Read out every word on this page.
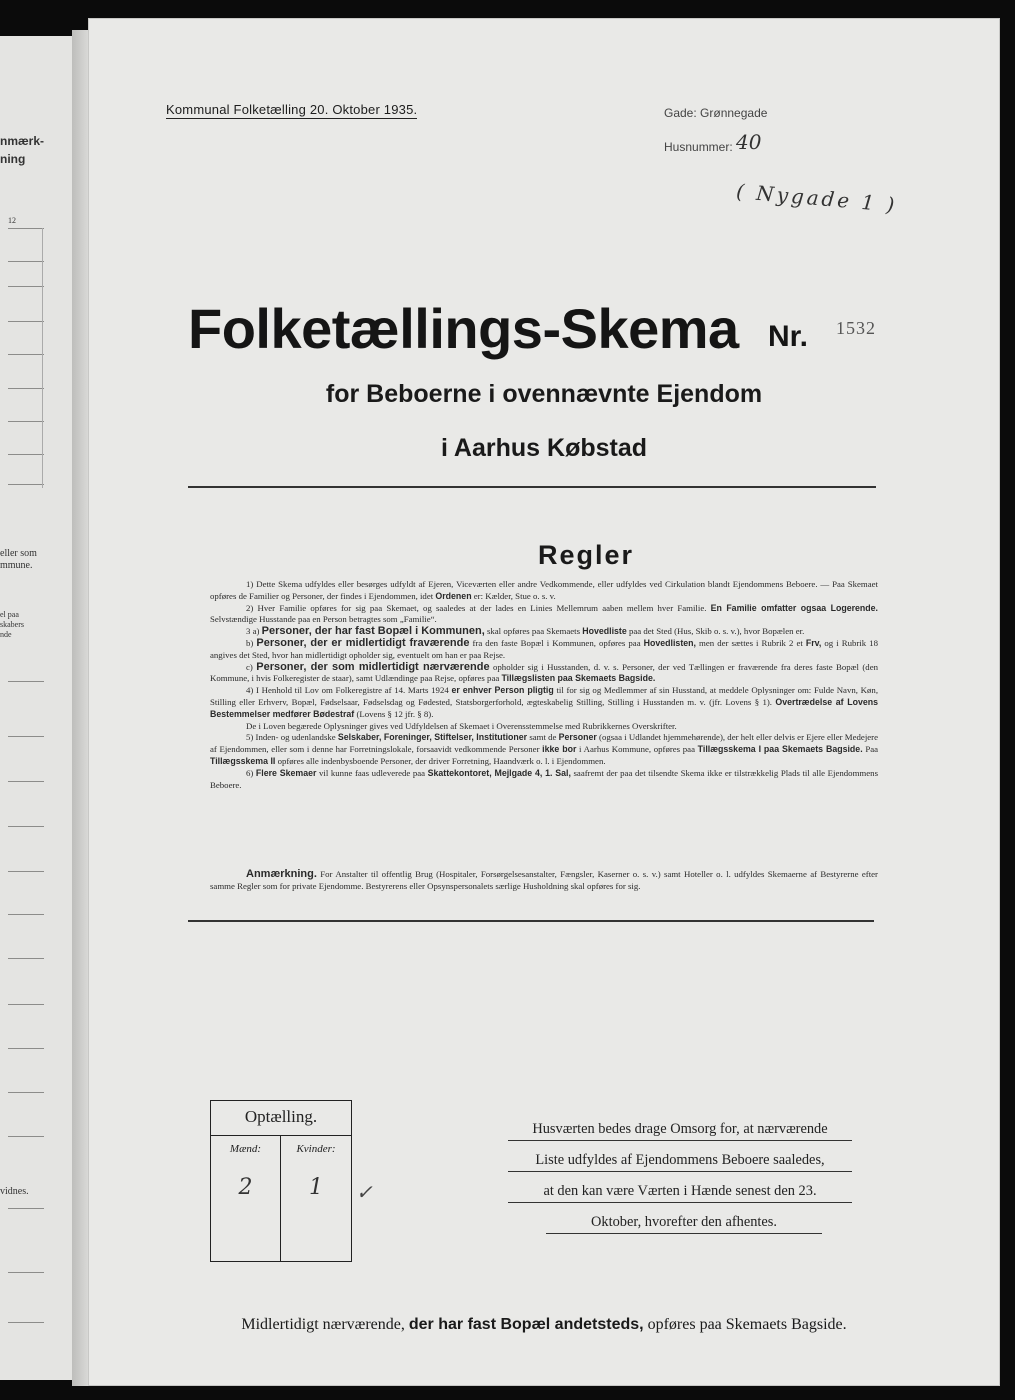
nmærk-
ning
12
eller som
mmune.
el paa
skabers
nde
vidnes.
Kommunal Folketælling 20. Oktober 1935.	Gade: Grønnegade
Husnummer: 40
( Nygade 1 )
Folketællings-Skema Nr. 1532
for Beboerne i ovennævnte Ejendom
i Aarhus Købstad
Regler

1) Dette Skema udfyldes eller besørges udfyldt af Ejeren, Viceværten eller andre Vedkommende, eller udfyldes ved Cirkulation blandt Ejendommens Beboere. — Paa Skemaet opføres de Familier og Personer, der findes i Ejendommen, idet Ordenen er: Kælder, Stue o. s. v.

2) Hver Familie opføres for sig paa Skemaet, og saaledes at der lades en Linies Mellemrum aaben mellem hver Familie. En Familie omfatter ogsaa Logerende. Selvstændige Husstande paa en Person betragtes som „Familie“.

3 a) Personer, der har fast Bopæl i Kommunen, skal opføres paa Skemaets Hovedliste paa det Sted (Hus, Skib o. s. v.), hvor Bopælen er.

b) Personer, der er midlertidigt fraværende fra den faste Bopæl i Kommunen, opføres paa Hovedlisten, men der sættes i Rubrik 2 et Frv, og i Rubrik 18 angives det Sted, hvor han midlertidigt opholder sig, eventuelt om han er paa Rejse.

c) Personer, der som midlertidigt nærværende opholder sig i Husstanden, d. v. s. Personer, der ved Tællingen er fraværende fra deres faste Bopæl (den Kommune, i hvis Folkeregister de staar), samt Udlændinge paa Rejse, opføres paa Tillægslisten paa Skemaets Bagside.

4) I Henhold til Lov om Folkeregistre af 14. Marts 1924 er enhver Person pligtig til for sig og Medlemmer af sin Husstand, at meddele Oplysninger om: Fulde Navn, Køn, Stilling eller Erhverv, Bopæl, Fødselsaar, Fødselsdag og Fødested, Statsborgerforhold, ægteskabelig Stilling, Stilling i Husstanden m. v. (jfr. Lovens § 1). Overtrædelse af Lovens Bestemmelser medfører Bødestraf (Lovens § 12 jfr. § 8).

De i Loven begærede Oplysninger gives ved Udfyldelsen af Skemaet i Overensstemmelse med Rubrikkernes Overskrifter.

5) Inden- og udenlandske Selskaber, Foreninger, Stiftelser, Institutioner samt de Personer (ogsaa i Udlandet hjemmehørende), der helt eller delvis er Ejere eller Medejere af Ejendommen, eller som i denne har Forretningslokale, forsaavidt vedkommende Personer ikke bor i Aarhus Kommune, opføres paa Tillægsskema I paa Skemaets Bagside. Paa Tillægsskema II opføres alle indenbysboende Personer, der driver Forretning, Haandværk o. l. i Ejendommen.

6) Flere Skemaer vil kunne faas udleverede paa Skattekontoret, Mejlgade 4, 1. Sal, saafremt der paa det tilsendte Skema ikke er tilstrækkelig Plads til alle Ejendommens Beboere.

Anmærkning. For Anstalter til offentlig Brug (Hospitaler, Forsørgelsesanstalter, Fængsler, Kaserner o. s. v.) samt Hoteller o. l. udfyldes Skemaerne af Bestyrerne efter samme Regler som for private Ejendomme. Bestyrerens eller Opsynspersonalets særlige Husholdning skal opføres for sig.

Optælling.
Mænd:	Kvinder:
2	1	✓
Husværten bedes drage Omsorg for, at nærværende
Liste udfyldes af Ejendommens Beboere saaledes,
at den kan være Værten i Hænde senest den 23.
Oktober, hvorefter den afhentes.
Midlertidigt nærværende, der har fast Bopæl andetsteds, opføres paa Skemaets Bagside.
